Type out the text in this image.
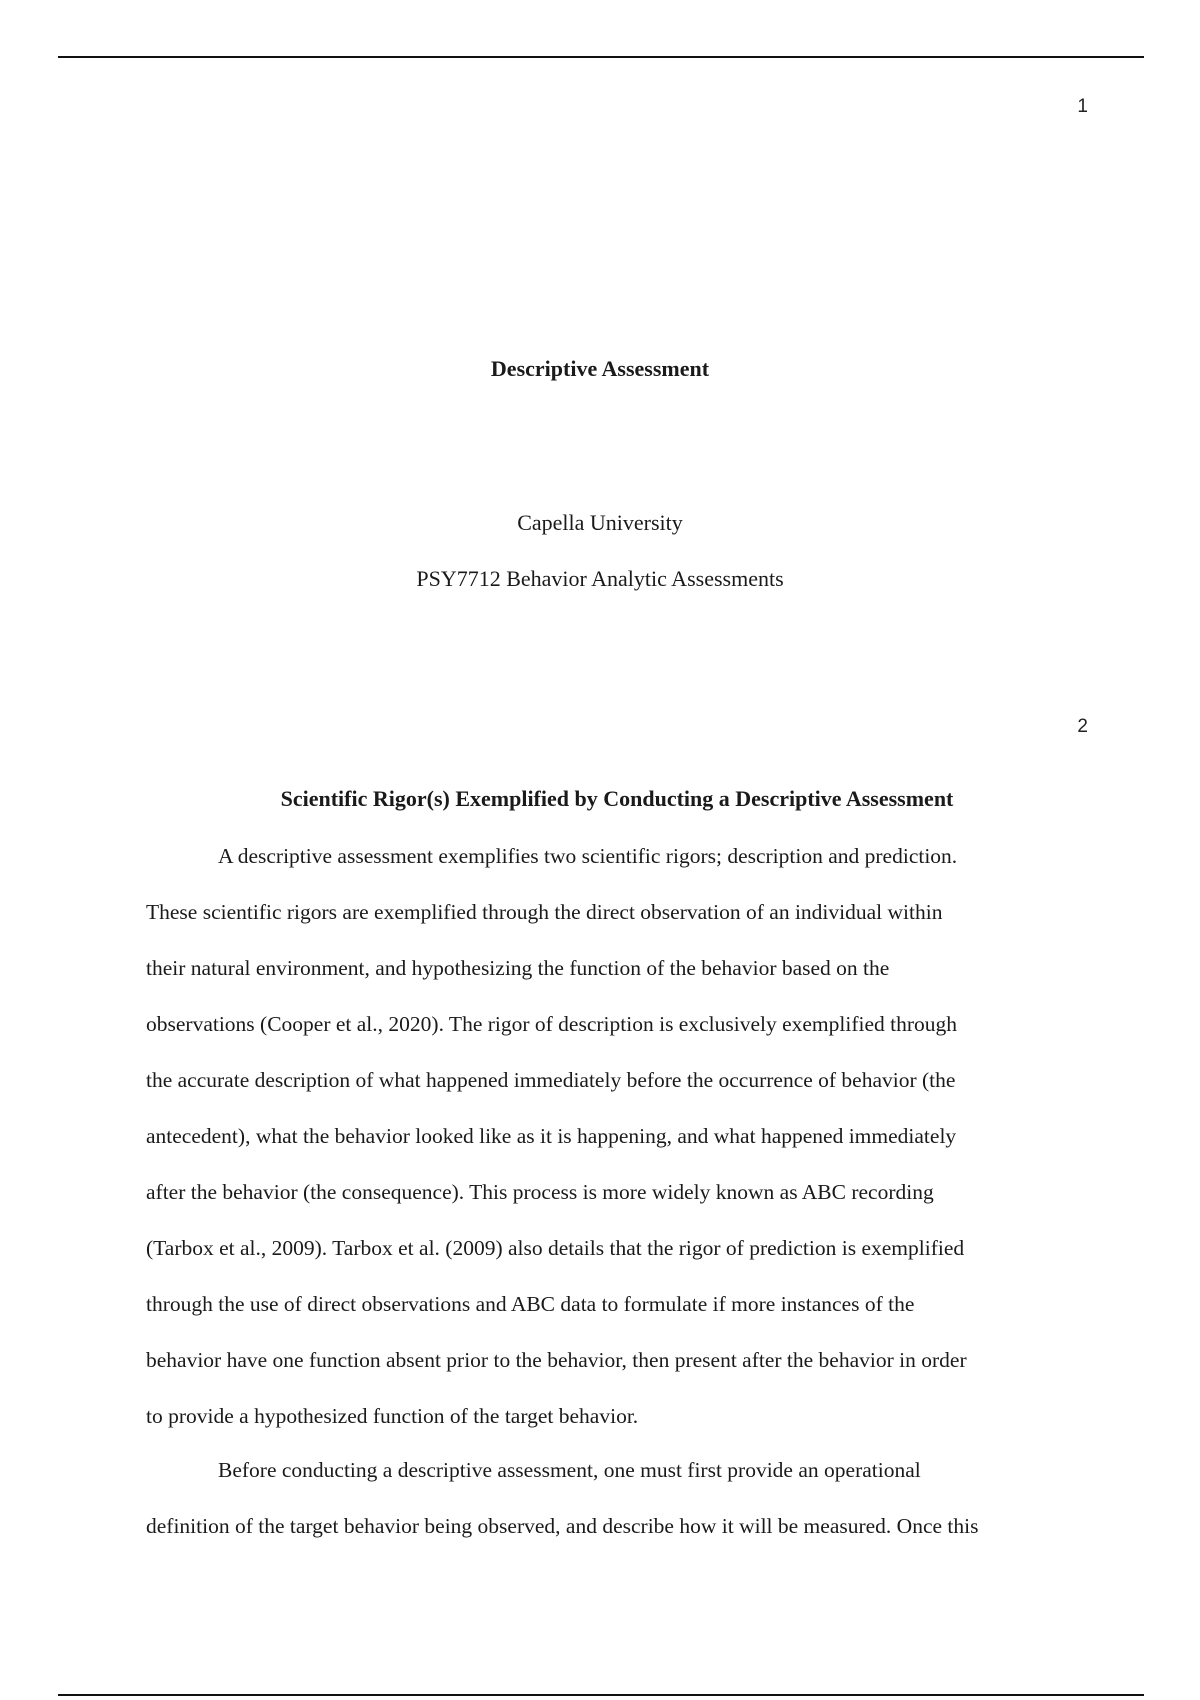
1
Descriptive Assessment
Capella University
PSY7712 Behavior Analytic Assessments
2
Scientific Rigor(s) Exemplified by Conducting a Descriptive Assessment
A descriptive assessment exemplifies two scientific rigors; description and prediction.
These scientific rigors are exemplified through the direct observation of an individual within
their natural environment, and hypothesizing the function of the behavior based on the
observations (Cooper et al., 2020). The rigor of description is exclusively exemplified through
the accurate description of what happened immediately before the occurrence of behavior (the
antecedent), what the behavior looked like as it is happening, and what happened immediately
after the behavior (the consequence). This process is more widely known as ABC recording
(Tarbox et al., 2009). Tarbox et al. (2009) also details that the rigor of prediction is exemplified
through the use of direct observations and ABC data to formulate if more instances of the
behavior have one function absent prior to the behavior, then present after the behavior in order
to provide a hypothesized function of the target behavior.
Before conducting a descriptive assessment, one must first provide an operational
definition of the target behavior being observed, and describe how it will be measured. Once this
